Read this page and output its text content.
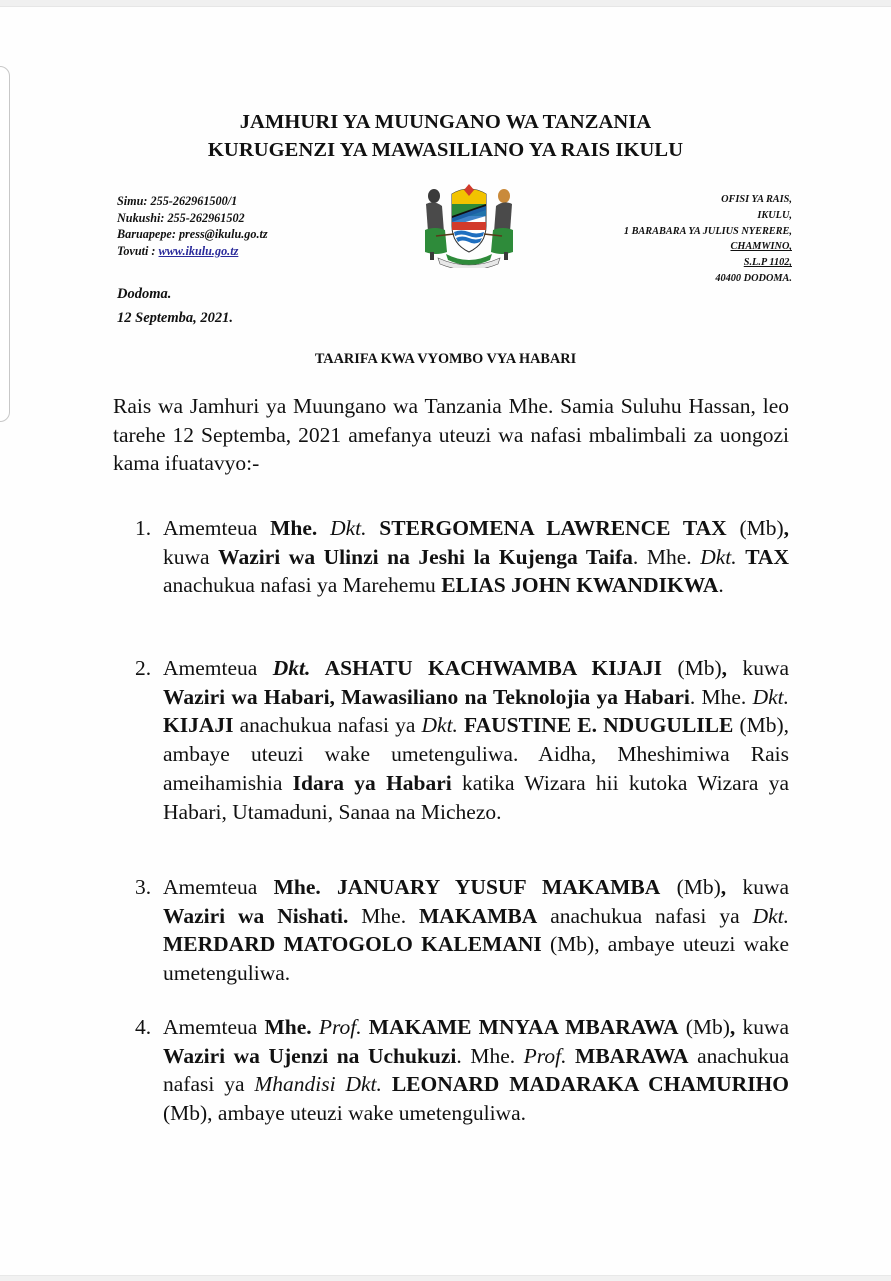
JAMHURI YA MUUNGANO WA TANZANIA
KURUGENZI YA MAWASILIANO YA RAIS IKULU
Simu: 255-262961500/1
Nukushi: 255-262961502
Baruapepe: press@ikulu.go.tz
Tovuti : www.ikulu.go.tz
OFISI YA RAIS,
IKULU,
1 BARABARA YA JULIUS NYERERE,
CHAMWINO,
S.L.P 1102,
40400 DODOMA.
Dodoma.
12 Septemba, 2021.
TAARIFA KWA VYOMBO VYA HABARI
Rais wa Jamhuri ya Muungano wa Tanzania Mhe. Samia Suluhu Hassan, leo tarehe 12 Septemba, 2021 amefanya uteuzi wa nafasi mbalimbali za uongozi kama ifuatavyo:-
1. Amemteua Mhe. Dkt. STERGOMENA LAWRENCE TAX (Mb), kuwa Waziri wa Ulinzi na Jeshi la Kujenga Taifa. Mhe. Dkt. TAX anachukua nafasi ya Marehemu ELIAS JOHN KWANDIKWA.
2. Amemteua Dkt. ASHATU KACHWAMBA KIJAJI (Mb), kuwa Waziri wa Habari, Mawasiliano na Teknolojia ya Habari. Mhe. Dkt. KIJAJI anachukua nafasi ya Dkt. FAUSTINE E. NDUGULILE (Mb), ambaye uteuzi wake umetenguliwa. Aidha, Mheshimiwa Rais ameihamishia Idara ya Habari katika Wizara hii kutoka Wizara ya Habari, Utamaduni, Sanaa na Michezo.
3. Amemteua Mhe. JANUARY YUSUF MAKAMBA (Mb), kuwa Waziri wa Nishati. Mhe. MAKAMBA anachukua nafasi ya Dkt. MERDARD MATOGOLO KALEMANI (Mb), ambaye uteuzi wake umetenguliwa.
4. Amemteua Mhe. Prof. MAKAME MNYAA MBARAWA (Mb), kuwa Waziri wa Ujenzi na Uchukuzi. Mhe. Prof. MBARAWA anachukua nafasi ya Mhandisi Dkt. LEONARD MADARAKA CHAMURIHO (Mb), ambaye uteuzi wake umetenguliwa.
